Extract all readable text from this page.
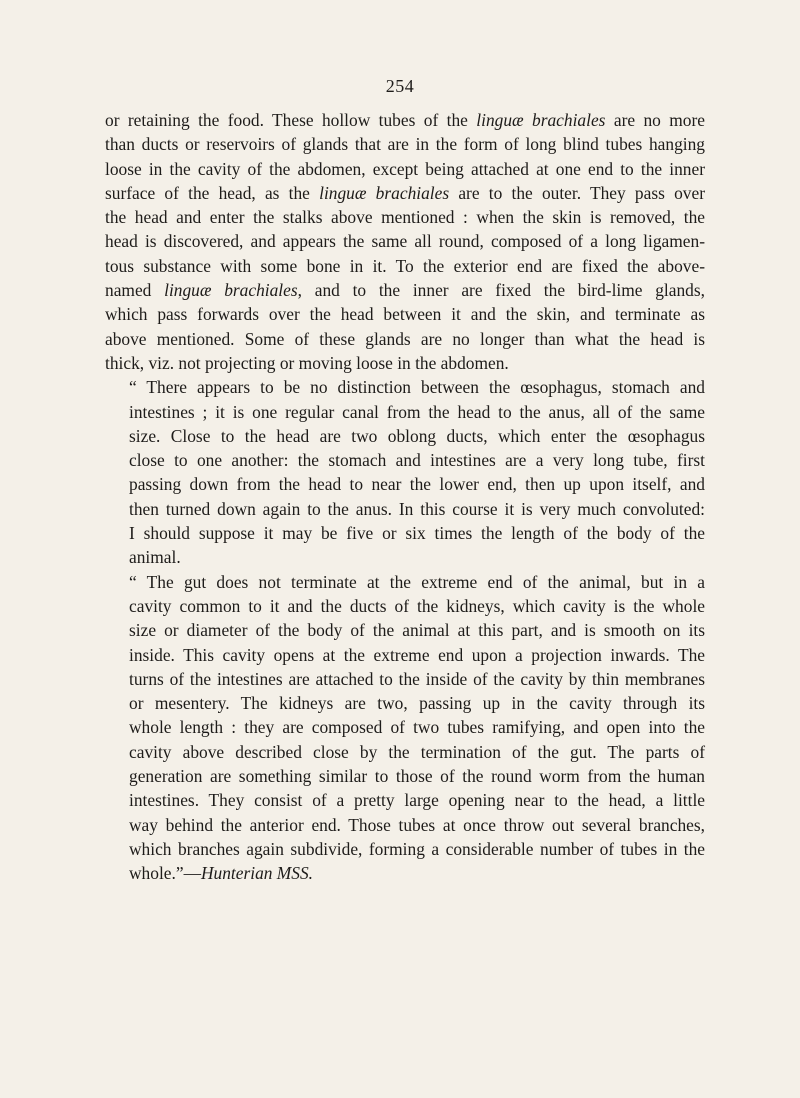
254

or retaining the food. These hollow tubes of the linguæ brachiales are no more
than ducts or reservoirs of glands that are in the form of long blind tubes hanging
loose in the cavity of the abdomen, except being attached at one end to the inner
surface of the head, as the linguæ brachiales are to the outer. They pass over
the head and enter the stalks above mentioned : when the skin is removed, the
head is discovered, and appears the same all round, composed of a long ligamen-
tous substance with some bone in it. To the exterior end are fixed the above-
named linguæ brachiales, and to the inner are fixed the bird-lime glands,
which pass forwards over the head between it and the skin, and terminate as
above mentioned. Some of these glands are no longer than what the head is
thick, viz. not projecting or moving loose in the abdomen.

“ There appears to be no distinction between the œsophagus, stomach and
intestines ; it is one regular canal from the head to the anus, all of the same
size. Close to the head are two oblong ducts, which enter the œsophagus
close to one another: the stomach and intestines are a very long tube, first
passing down from the head to near the lower end, then up upon itself, and
then turned down again to the anus. In this course it is very much convoluted:
I should suppose it may be five or six times the length of the body of the
animal.

“ The gut does not terminate at the extreme end of the animal, but in a
cavity common to it and the ducts of the kidneys, which cavity is the whole
size or diameter of the body of the animal at this part, and is smooth on its
inside. This cavity opens at the extreme end upon a projection inwards. The
turns of the intestines are attached to the inside of the cavity by thin membranes
or mesentery. The kidneys are two, passing up in the cavity through its
whole length : they are composed of two tubes ramifying, and open into the
cavity above described close by the termination of the gut. The parts of
generation are something similar to those of the round worm from the human
intestines. They consist of a pretty large opening near to the head, a little
way behind the anterior end. Those tubes at once throw out several branches,
which branches again subdivide, forming a considerable number of tubes in the
whole.”—Hunterian MSS.
